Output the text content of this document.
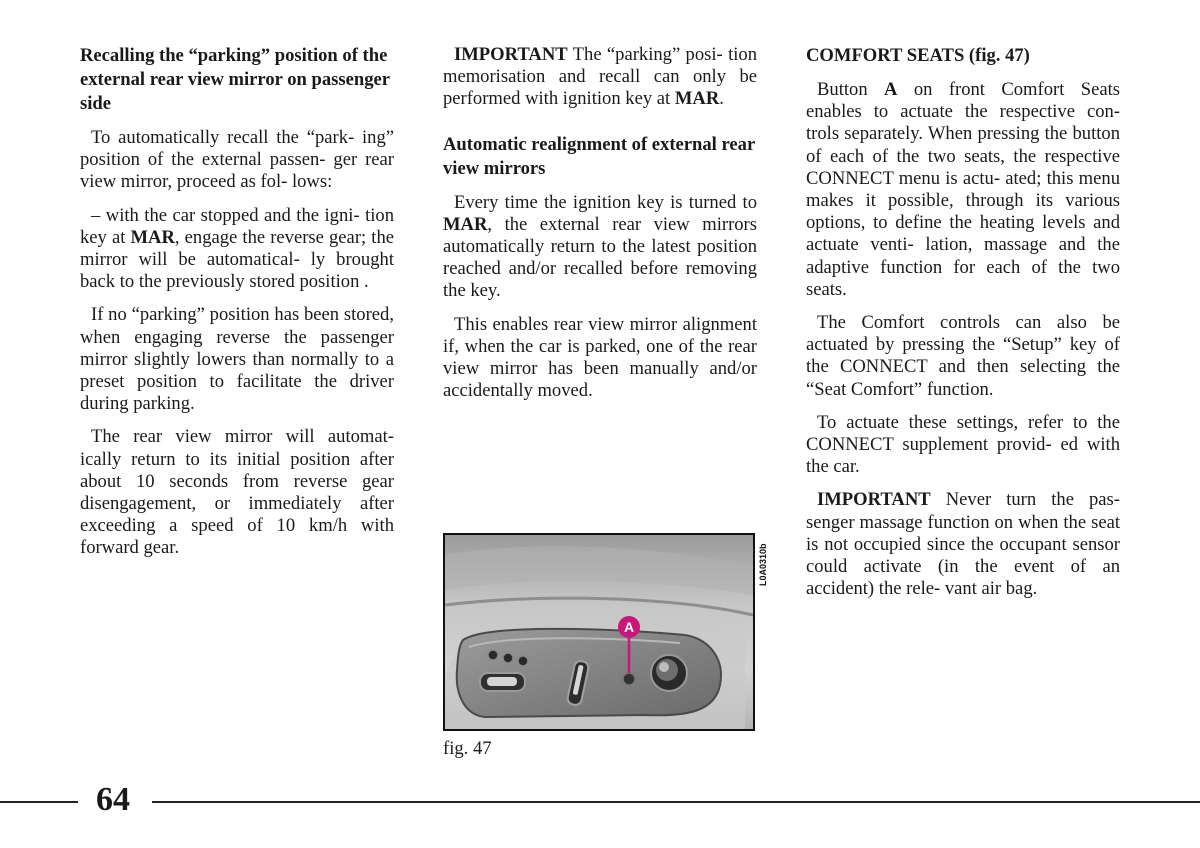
Recalling the “parking” position of the external rear view mirror on passenger side

To automatically recall the “park- ing” position of the external passen- ger rear view mirror, proceed as fol- lows:

– with the car stopped and the igni- tion key at MAR, engage the reverse gear; the mirror will be automatical- ly brought back to the previously stored position .

If no “parking” position has been stored, when engaging reverse the passenger mirror slightly lowers than normally to a preset position to facilitate the driver during parking.

The rear view mirror will automat- ically return to its initial position after about 10 seconds from reverse gear disengagement, or immediately after exceeding a speed of 10 km/h with forward gear.

IMPORTANT The “parking” posi- tion memorisation and recall can only be performed with ignition key at MAR.

Automatic realignment of external rear view mirrors

Every time the ignition key is turned to MAR, the external rear view mirrors automatically return to the latest position reached and/or recalled before removing the key.

This enables rear view mirror alignment if, when the car is parked, one of the rear view mirror has been manually and/or accidentally moved.

COMFORT SEATS (fig. 47)

Button A on front Comfort Seats enables to actuate the respective con- trols separately. When pressing the button of each of the two seats, the respective CONNECT menu is actu- ated; this menu makes it possible, through its various options, to define the heating levels and actuate venti- lation, massage and the adaptive function for each of the two seats.

The Comfort controls can also be actuated by pressing the “Setup” key of the CONNECT and then selecting the “Seat Comfort” function.

To actuate these settings, refer to the CONNECT supplement provid- ed with the car.

IMPORTANT Never turn the pas- senger massage function on when the seat is not occupied since the occupant sensor could activate (in the event of an accident) the rele- vant air bag.

A
L0A0310b
fig. 47
64
